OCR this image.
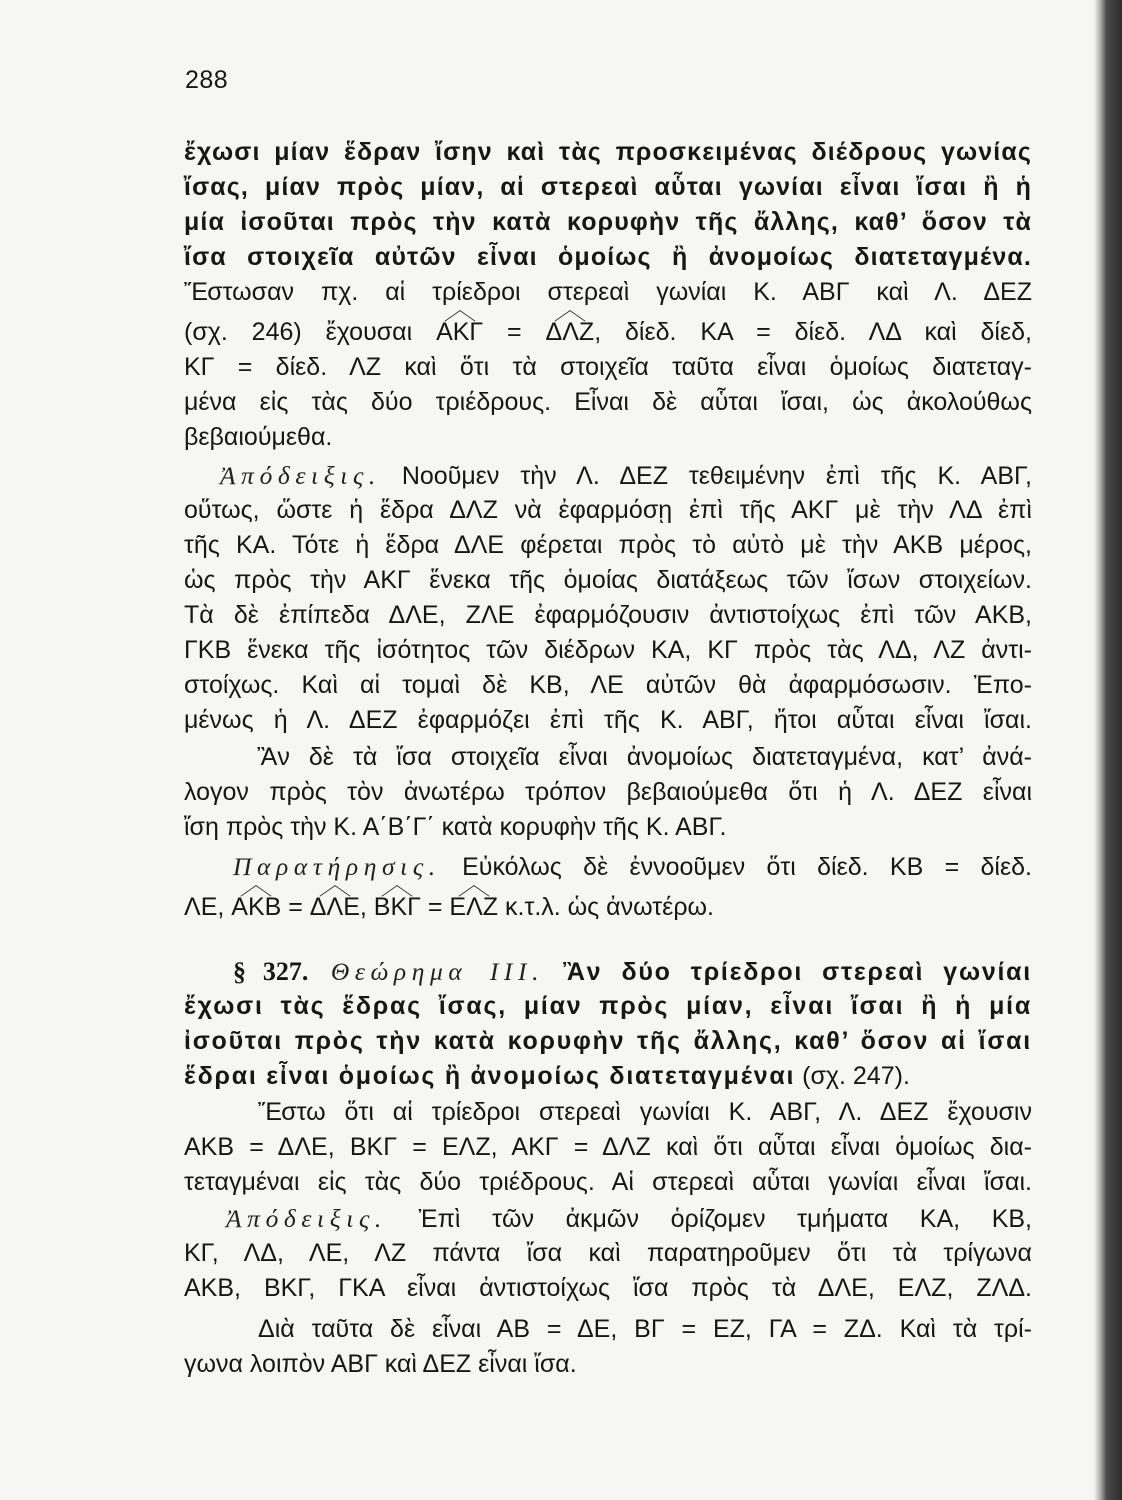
288
ἔχωσι μίαν ἕδραν ἴσην καὶ τὰς προσκειμένας διέδρους γωνίας
ἴσας, μίαν πρὸς μίαν, αἱ στερεαὶ αὗται γωνίαι εἶναι ἴσαι ἢ ἡ
μία ἰσοῦται πρὸς τὴν κατὰ κορυφὴν τῆς ἄλλης, καθ’ ὅσον τὰ
ἴσα στοιχεῖα αὐτῶν εἶναι ὁμοίως ἢ ἀνομοίως διατεταγμένα.
Ἔστωσαν πχ. αἱ τρίεδροι στερεαὶ γωνίαι Κ. ΑΒΓ καὶ Λ. ΔΕΖ
(σχ. 246) ἔχουσαι ΑΚΓ = ΔΛΖ, δίεδ. ΚΑ = δίεδ. ΛΔ καὶ δίεδ,
ΚΓ = δίεδ. ΛΖ καὶ ὅτι τὰ στοιχεῖα ταῦτα εἶναι ὁμοίως διατεταγ-
μένα εἰς τὰς δύο τριέδρους. Εἶναι δὲ αὗται ἴσαι, ὡς ἀκολούθως
βεβαιούμεθα.
Ἀπόδειξις. Νοοῦμεν τὴν Λ. ΔΕΖ τεθειμένην ἐπὶ τῆς Κ. ΑΒΓ,
οὕτως, ὥστε ἡ ἕδρα ΔΛΖ νὰ ἐφαρμόσῃ ἐπὶ τῆς ΑΚΓ μὲ τὴν ΛΔ ἐπὶ
τῆς ΚΑ. Τότε ἡ ἕδρα ΔΛΕ φέρεται πρὸς τὸ αὐτὸ μὲ τὴν ΑΚΒ μέρος,
ὡς πρὸς τὴν ΑΚΓ ἕνεκα τῆς ὁμοίας διατάξεως τῶν ἴσων στοιχείων.
Τὰ δὲ ἐπίπεδα ΔΛΕ, ΖΛΕ ἐφαρμόζουσιν ἀντιστοίχως ἐπὶ τῶν ΑΚΒ,
ΓΚΒ ἕνεκα τῆς ἰσότητος τῶν διέδρων ΚΑ, ΚΓ πρὸς τὰς ΛΔ, ΛΖ ἀντι-
στοίχως. Καὶ αἱ τομαὶ δὲ ΚΒ, ΛΕ αὐτῶν θὰ ἀφαρμόσωσιν. Ἐπο-
μένως ἡ Λ. ΔΕΖ ἐφαρμόζει ἐπὶ τῆς Κ. ΑΒΓ, ἤτοι αὗται εἶναι ἴσαι.
Ἂν δὲ τὰ ἴσα στοιχεῖα εἶναι ἀνομοίως διατεταγμένα, κατ’ ἀνά-
λογον πρὸς τὸν ἀνωτέρω τρόπον βεβαιούμεθα ὅτι ἡ Λ. ΔΕΖ εἶναι
ἴση πρὸς τὴν Κ. Α΄Β΄Γ΄ κατὰ κορυφὴν τῆς Κ. ΑΒΓ.
Παρατήρησις. Εὐκόλως δὲ ἐννοοῦμεν ὅτι δίεδ. ΚΒ = δίεδ.
ΛΕ, ΑΚΒ = ΔΛΕ, ΒΚΓ = ΕΛΖ κ.τ.λ. ὡς ἀνωτέρω.
§ 327. Θεώρημα III. Ἂν δύο τρίεδροι στερεαὶ γωνίαι
ἔχωσι τὰς ἕδρας ἴσας, μίαν πρὸς μίαν, εἶναι ἴσαι ἢ ἡ μία
ἰσοῦται πρὸς τὴν κατὰ κορυφὴν τῆς ἄλλης, καθ’ ὅσον αἱ ἴσαι
ἕδραι εἶναι ὁμοίως ἢ ἀνομοίως διατεταγμέναι (σχ. 247).
Ἔστω ὅτι αἱ τρίεδροι στερεαὶ γωνίαι Κ. ΑΒΓ, Λ. ΔΕΖ ἔχουσιν
ΑΚΒ = ΔΛΕ, ΒΚΓ = ΕΛΖ, ΑΚΓ = ΔΛΖ καὶ ὅτι αὗται εἶναι ὁμοίως δια-
τεταγμέναι εἰς τὰς δύο τριέδρους. Αἱ στερεαὶ αὗται γωνίαι εἶναι ἴσαι.
Ἀπόδειξις. Ἐπὶ τῶν ἀκμῶν ὁρίζομεν τμήματα ΚΑ, ΚΒ,
ΚΓ, ΛΔ, ΛΕ, ΛΖ πάντα ἴσα καὶ παρατηροῦμεν ὅτι τὰ τρίγωνα
ΑΚΒ, ΒΚΓ, ΓΚΑ εἶναι ἀντιστοίχως ἴσα πρὸς τὰ ΔΛΕ, ΕΛΖ, ΖΛΔ.
Διὰ ταῦτα δὲ εἶναι ΑΒ = ΔΕ, ΒΓ = ΕΖ, ΓΑ = ΖΔ. Καὶ τὰ τρί-
γωνα λοιπὸν ΑΒΓ καὶ ΔΕΖ εἶναι ἴσα.
